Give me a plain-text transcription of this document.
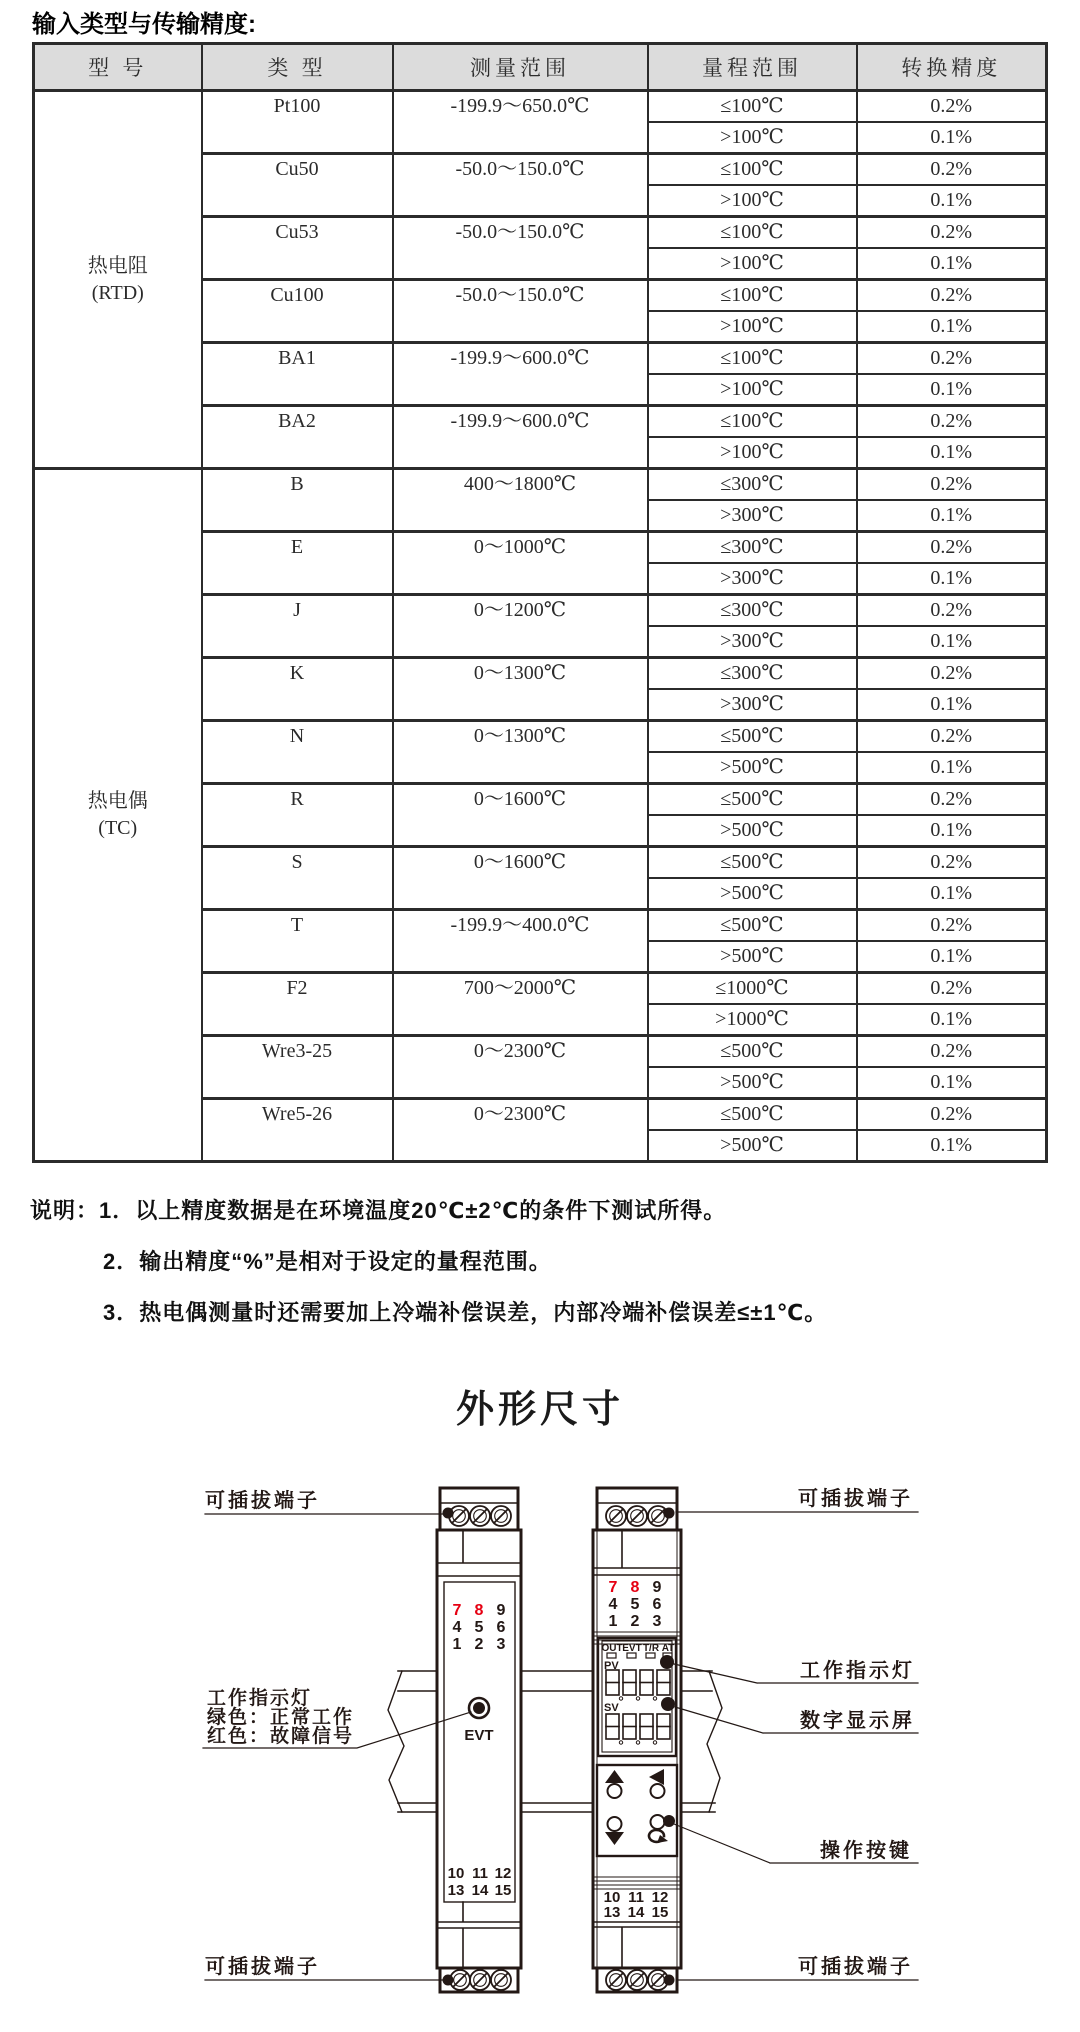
输入类型与传输精度:
型 号	类 型	测量范围	量程范围	转换精度

热电阻
(RTD)	Pt100	-199.9～650.0℃	≤100℃	0.2%
			>100℃	0.1%
	Cu50	-50.0～150.0℃	≤100℃	0.2%
			>100℃	0.1%
	Cu53	-50.0～150.0℃	≤100℃	0.2%
			>100℃	0.1%
	Cu100	-50.0～150.0℃	≤100℃	0.2%
			>100℃	0.1%
	BA1	-199.9～600.0℃	≤100℃	0.2%
			>100℃	0.1%
	BA2	-199.9～600.0℃	≤100℃	0.2%
			>100℃	0.1%

热电偶
(TC)	B	400～1800℃	≤300℃	0.2%
			>300℃	0.1%
	E	0～1000℃	≤300℃	0.2%
			>300℃	0.1%
	J	0～1200℃	≤300℃	0.2%
			>300℃	0.1%
	K	0～1300℃	≤300℃	0.2%
			>300℃	0.1%
	N	0～1300℃	≤500℃	0.2%
			>500℃	0.1%
	R	0～1600℃	≤500℃	0.2%
			>500℃	0.1%
	S	0～1600℃	≤500℃	0.2%
			>500℃	0.1%
	T	-199.9～400.0℃	≤500℃	0.2%
			>500℃	0.1%
	F2	700～2000℃	≤1000℃	0.2%
			>1000℃	0.1%
	Wre3-25	0～2300℃	≤500℃	0.2%
			>500℃	0.1%
	Wre5-26	0～2300℃	≤500℃	0.2%
			>500℃	0.1%
说明：1．以上精度数据是在环境温度20℃±2℃的条件下测试所得。
2．输出精度“%”是相对于设定的量程范围。
3．热电偶测量时还需要加上冷端补偿误差，内部冷端补偿误差≤±1℃。
外形尺寸
7 8 9
4 5 6
1 2 3
EVT
10 11 12
13 14 15
7 8 9
4 5 6
1 2 3
OUT EVT T/R AT
PV
SV
10 11 12
13 14 15
可插拔端子	可插拔端子
工作指示灯
绿色：正常工作
红色：故障信号
工作指示灯
数字显示屏
操作按键
可插拔端子	可插拔端子
